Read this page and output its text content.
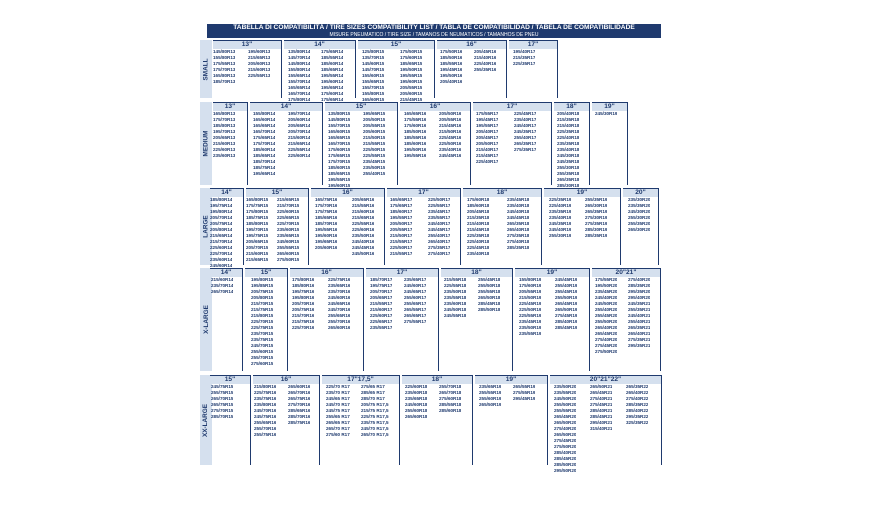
TABELLA DI COMPATIBILITÁ / TIRE SIZES COMPATIBILITY LIST / TABLA DE COMPATIBILIDAD / TABELA DE COMPATIBILIDADE
MISURE PNEUMATICO / TIRE SIZE / TAMAÑOS DE NEUMÁTICOS / TAMANHOS DE PNEU
SMALL
13"
145/80R13
155/80R13
175/55R13
175/70R13
165/80R13
185/70R13
195/60R13
215/65R13
205/60R13
215/60R13
225/55R13
14"
135/80R14
145/70R14
145/80R14
155/80R14
155/65R14
155/70R14
165/65R14
165/70R14
175/80R14
175/65R14
185/55R14
185/60R14
185/65R14
195/55R14
195/60R14
195/65R14
175/60R14
175/65R14
15"
125/80R15
135/70R15
145/60R15
145/70R15
155/60R15
155/65R15
155/70R15
155/80R15
165/60R15
175/50R15
175/60R15
185/65R15
195/50R15
195/55R15
195/60R15
205/55R15
205/60R15
215/45R15
16"
175/50R16
185/50R16
185/55R16
195/45R16
195/50R16
205/40R16
205/45R16
215/40R16
225/40R16
255/35R16
17"
195/40R17
215/35R17
225/35R17
MEDIUM
13"
165/80R13
175/70R13
185/80R13
195/70R13
205/65R13
215/60R13
225/60R13
235/60R13
14"
155/80R14
165/60R14
165/65R14
165/70R14
175/65R14
175/70R14
185/60R14
185/65R14
185/70R14
185/75R14
195/65R14
195/70R14
205/60R14
205/65R14
205/70R14
215/60R14
215/65R14
225/55R14
225/60R14
15"
135/80R15
145/80R15
155/70R15
165/60R15
165/65R15
165/70R15
175/60R15
175/65R15
175/70R15
185/60R15
185/65R15
195/55R15
195/60R15
195/65R15
205/50R15
205/55R15
205/60R15
215/50R15
215/55R15
225/50R15
225/55R15
235/45R15
235/50R15
255/40R15
16"
165/65R16
175/55R16
175/60R16
185/50R16
185/55R16
185/60R16
195/50R16
195/55R16
205/50R16
205/55R16
215/45R16
215/50R16
225/45R16
225/50R16
235/40R16
245/45R16
17"
175/55R17
195/45R17
195/55R17
205/40R17
205/45R17
205/50R17
215/40R17
215/45R17
225/40R17
225/45R17
235/40R17
245/40R17
245/35R17
255/40R17
265/35R17
275/35R17
18"
205/40R18
215/35R18
215/40R18
225/35R18
225/40R18
235/35R18
235/40R18
245/30R18
245/35R18
255/30R18
255/35R18
265/35R18
285/30R18
19"
245/30R19
LARGE
14"
185/80R14
195/75R14
195/80R14
205/70R14
205/75R14
205/80R14
215/65R14
215/70R14
225/60R14
225/70R14
235/60R14
245/60R14
15"
165/80R15
175/75R15
175/80R15
185/75R15
185/80R15
195/70R15
195/75R15
205/65R15
205/70R15
215/60R15
215/65R15
215/65R15
215/70R15
225/60R15
225/65R15
225/70R15
235/60R15
235/65R15
245/60R15
255/55R15
265/60R15
275/50R15
16"
165/75R16
175/70R16
175/75R16
185/65R16
185/70R16
195/55R16
195/60R16
195/65R16
205/60R16
205/65R16
215/55R16
215/60R16
215/65R16
225/55R16
225/60R16
235/50R16
245/40R16
245/45R16
245/50R16
17"
165/65R17
175/65R17
185/60R17
195/55R17
205/50R17
205/55R17
215/50R17
215/55R17
225/50R17
215/55R17
225/50R17
225/55R17
235/45R17
235/55R17
245/40R17
245/45R17
255/40R17
265/40R17
275/35R17
275/40R17
18"
175/60R18
185/60R18
205/45R18
215/35R18
215/40R18
215/45R18
225/35R18
225/40R18
225/45R18
235/40R18
235/45R18
235/40R18
245/40R18
245/45R18
265/35R18
265/40R18
275/35R18
275/40R18
285/35R18
19"
225/35R19
225/40R19
235/35R19
235/40R19
245/35R19
245/40R19
255/30R19
255/35R19
265/30R19
265/35R19
275/30R19
275/35R19
285/30R19
285/35R19
20"
235/30R20
235/35R20
245/30R20
255/30R20
255/35R20
265/30R20
X-LARGE
14"
215/60R14
235/70R14
265/70R14
15"
195/80R15
195/85R15
205/75R15
205/80R15
215/70R15
215/75R15
215/80R15
225/70R15
225/75R15
235/70R15
235/75R15
245/70R15
255/60R15
255/70R15
275/60R15
16"
175/80R16
185/80R16
195/75R16
195/80R16
205/70R16
205/75R16
215/70R16
215/75R16
225/70R16
225/75R16
235/65R16
235/70R16
245/60R16
245/65R16
245/70R16
255/65R16
255/70R16
265/60R16
17"
185/70R17
195/75R17
205/70R17
205/65R17
215/55R17
215/60R17
225/60R17
225/65R17
235/55R17
235/65R17
245/60R17
245/65R17
255/60R17
255/65R17
265/55R17
265/65R17
275/55R17
18"
215/55R18
225/55R18
235/50R18
235/55R18
235/60R18
245/50R18
245/55R18
255/45R18
255/50R18
255/55R18
265/50R18
285/45R18
285/50R18
19"
155/80R19
175/60R19
205/55R19
215/50R19
225/45R19
225/50R19
225/55R19
235/45R19
235/50R19
235/55R19
245/45R19
255/40R19
255/45R19
255/50R19
265/45R19
265/50R19
275/45R19
285/40R19
285/45R19
20"21"
175/55R20
195/50R20
235/45R20
245/40R20
245/50R20
255/40R20
255/45R20
255/50R20
265/40R20
265/45R20
275/40R20
275/45R20
275/50R20
275/40R20
285/35R20
295/35R20
295/40R20
245/35R21
255/35R21
245/40R21
255/40R21
265/35R21
265/40R21
275/35R21
295/35R21
XX-LARGE
15"
245/75R15
255/75R15
265/70R15
265/75R15
275/70R15
285/70R15
16"
215/80R16
225/75R16
235/75R16
235/80R16
245/70R16
245/75R16
255/65R16
255/70R16
255/75R16
265/60R16
265/70R16
265/75R16
275/70R16
285/65R16
285/70R16
285/75R16
17"17,5"
225/70 R17
235/70 R17
245/65 R17
245/70 R17
245/75 R17
255/65 R17
265/65 R17
265/70 R17
275/60 R17
275/65 R17
285/65 R17
285/70 R17
205/75 R17,5
215/75 R17,5
225/75 R17,5
235/75 R17,5
245/70 R17,5
265/70 R17,5
18"
225/60R18
235/60R18
235/65R18
245/60R18
255/60R18
265/60R18
255/70R18
265/70R18
275/60R18
285/55R18
285/60R18
19"
235/65R19
255/55R19
255/60R19
265/50R19
265/55R19
275/55R19
295/45R19
20"21"22"
235/50R20
235/55R20
245/50R20
255/50R20
255/55R20
265/45R20
265/50R20
275/40R20
265/50R20
275/45R20
275/50R20
285/40R20
285/45R20
285/50R20
295/50R20
265/50R21
265/45R21
275/40R21
275/45R21
285/40R21
285/45R21
295/40R21
315/40R21
265/35R22
265/40R22
275/40R22
285/35R22
285/40R22
295/35R22
325/35R22
